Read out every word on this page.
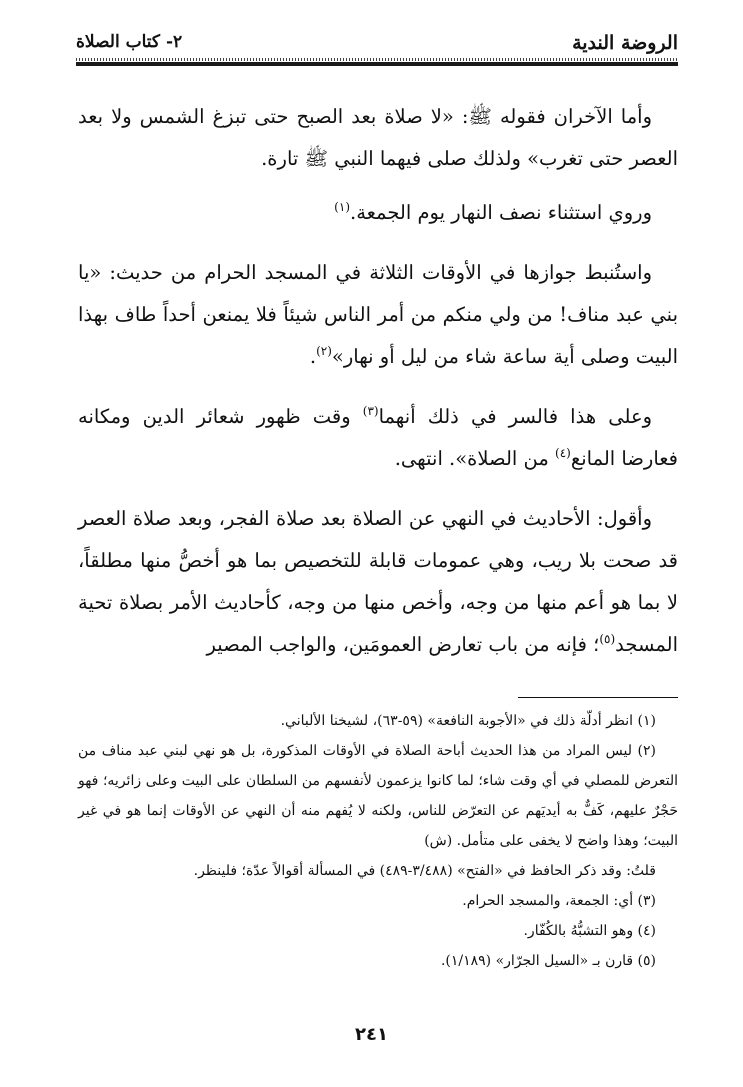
الروضة الندية
٢- كتاب الصلاة

وأما الآخران فقوله ﷺ: «لا صلاة بعد الصبح حتى تبزغ الشمس ولا بعد العصر حتى تغرب» ولذلك صلى فيهما النبي ﷺ تارة.

وروي استثناء نصف النهار يوم الجمعة.$^{(١)}$

واستُنبط جوازها في الأوقات الثلاثة في المسجد الحرام من حديث: «يا بني عبد مناف! من ولي منكم من أمر الناس شيئاً فلا يمنعن أحداً طاف بهذا البيت وصلى أية ساعة شاء من ليل أو نهار»$^{(٢)}$.

وعلى هذا فالسر في ذلك أنهما$^{(٣)}$ وقت ظهور شعائر الدين ومكانه فعارضا المانع$^{(٤)}$ من الصلاة». انتهى.

وأقول: الأحاديث في النهي عن الصلاة بعد صلاة الفجر، وبعد صلاة العصر قد صحت بلا ريب، وهي عمومات قابلة للتخصيص بما هو أخصُّ منها مطلقاً، لا بما هو أعم منها من وجه، وأخص منها من وجه، كأحاديث الأمر بصلاة تحية المسجد$^{(٥)}$؛ فإنه من باب تعارض العمومَين، والواجب المصير

(١) انظر أدلّة ذلك في «الأجوبة النافعة» (٥٩-٦٣)، لشيخنا الألباني.

(٢) ليس المراد من هذا الحديث أباحة الصلاة في الأوقات المذكورة، بل هو نهي لبني عبد مناف من التعرض للمصلي في أي وقت شاء؛ لما كانوا يزعمون لأنفسهم من السلطان على البيت وعلى زائريه؛ فهو حَجْرٌ عليهم، كَفٌّ به أيديَهم عن التعرّض للناس، ولكنه لا يُفهم منه أن النهي عن الأوقات إنما هو في غير البيت؛ وهذا واضح لا يخفى على متأمل. (ش)

قلتُ: وقد ذكر الحافظ في «الفتح» (٣/٤٨٨-٤٨٩) في المسألة أقوالاً عدّة؛ فلينظر.

(٣) أي: الجمعة، والمسجد الحرام.

(٤) وهو التشبُّهُ بالكُفّار.

(٥) قارن بـ «السيل الجرّار» (١/١٨٩).

٢٤١
